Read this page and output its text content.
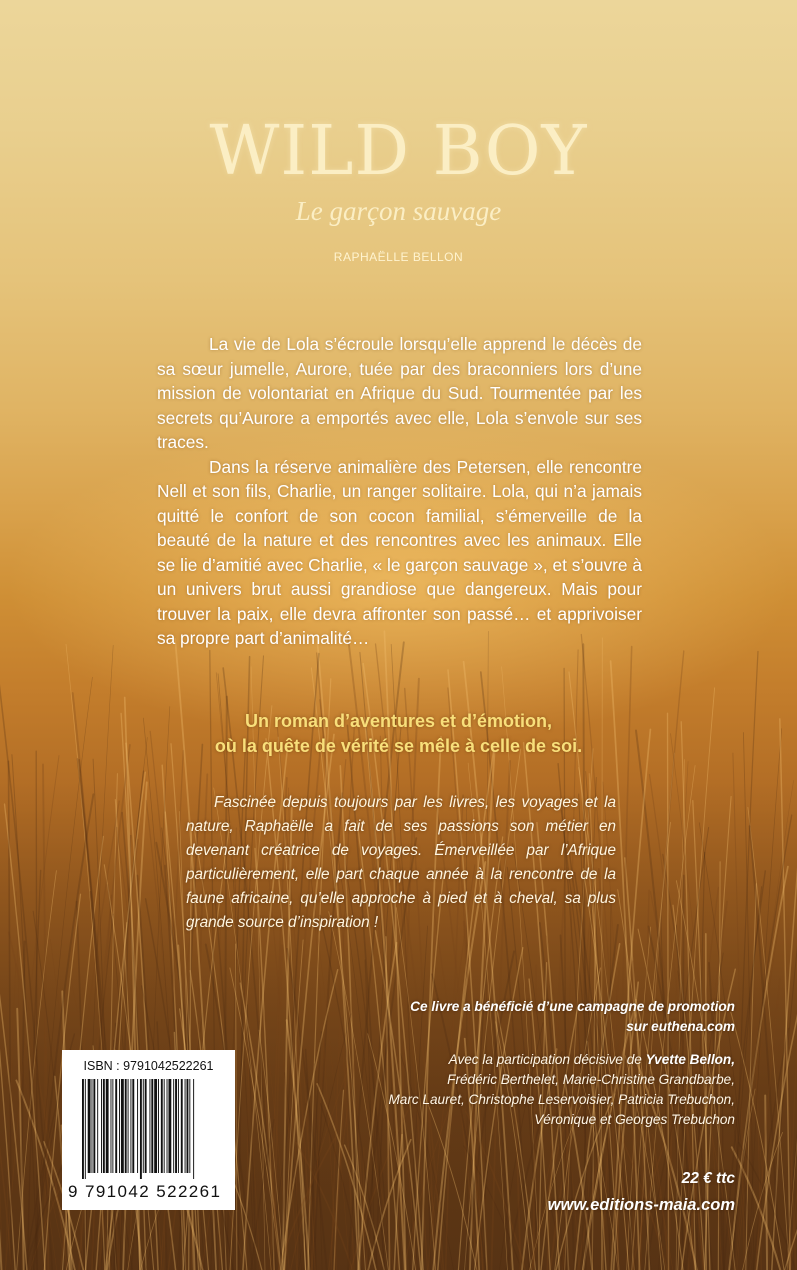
WILD BOY
Le garçon sauvage
RAPHAËLLE BELLON

La vie de Lola s’écroule lorsqu’elle apprend le décès de sa sœur jumelle, Aurore, tuée par des braconniers lors d’une mission de volontariat en Afrique du Sud. Tourmentée par les secrets qu’Aurore a emportés avec elle, Lola s’envole sur ses traces.

Dans la réserve animalière des Petersen, elle rencontre Nell et son fils, Charlie, un ranger solitaire. Lola, qui n’a jamais quitté le confort de son cocon familial, s’émerveille de la beauté de la nature et des rencontres avec les animaux. Elle se lie d’amitié avec Charlie, « le garçon sauvage », et s’ouvre à un univers brut aussi grandiose que dangereux. Mais pour trouver la paix, elle devra affronter son passé… et apprivoiser sa propre part d’animalité…

Un roman d’aventures et d’émotion,
où la quête de vérité se mêle à celle de soi.

Fascinée depuis toujours par les livres, les voyages et la nature, Raphaëlle a fait de ses passions son métier en devenant créatrice de voyages. Émerveillée par l’Afrique particulièrement, elle part chaque année à la rencontre de la faune africaine, qu’elle approche à pied et à cheval, sa plus grande source d’inspiration !

Ce livre a bénéficié d’une campagne de promotion
sur euthena.com
Avec la participation décisive de Yvette Bellon,
Frédéric Berthelet, Marie-Christine Grandbarbe,
Marc Lauret, Christophe Leservoisier, Patricia Trebuchon,
Véronique et Georges Trebuchon
22 € ttc
www.editions-maia.com
ISBN : 9791042522261
9 791042 522261
